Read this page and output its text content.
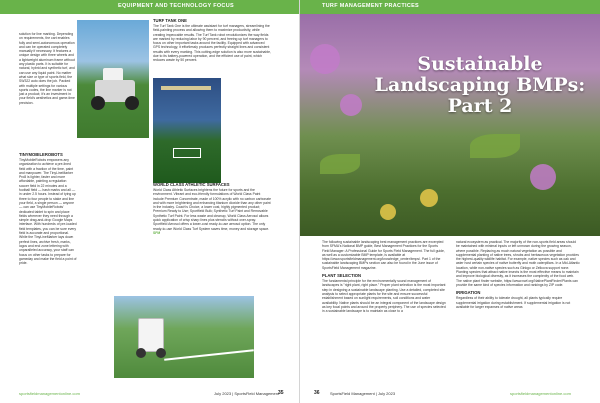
EQUIPMENT AND TECHNOLOGY FOCUS

solution for line marking. Depending on requirements, the cart enables fully and semi-autonomous operation and can be operated completely manually if necessary. It features a unique design with three wheels and a lightweight aluminum frame without any plastic parts. It is suitable for natural, hybrid and synthetic turf, and can use any liquid paint. No matter what size or type of sports field, the SW322 auto does the job. Packed with multiple settings for various sports codes, the line marker is not just a product; it's an investment in your field's aesthetics and game-time precision.

TINYMOBILEROBOTS

TinyMobileRobots empowers any organization to achieve a pre-lined field with a fraction of the time, paint and manpower. The TinyLineMarker Pro8 is lighter, faster and more affordable, painting a regulation soccer field in 22 minutes and a football field — hash marks and all — in under 2.5 hours. Instead of tying up three to four people to stake and line your field, a single person — anyone — can use TinyMobileRobots' dedicated tablet to spin and place fields wherever they need through a simple drag-and-drop Google Maps interface. With hundreds of pre-loaded field templates, you can be sure every field is accurate and proportional. While the TinyLineMarker lays down perfect lines, archive fresh, marks, logos and end zone lettering with unparalleled accuracy, your staff can focus on other tasks to prepare for gameday and make the field a point of pride.

TURF TANK ONE

The Turf Tank One is the ultimate assistant for turf managers, streamlining the field-painting process and allowing them to maximize productivity, while creating impeccable results. The Turf Tank robot revolutionizes the way fields are marked by reducing labor by 90 percent, and freeing up turf managers to focus on other important tasks around the facility. Equipped with advanced GPS technology, it effortlessly produces perfectly straight lines and consistent results with every marking. This cutting-edge solution is also more sustainable, due to its battery-powered operation, and the efficient use of paint, which reduces waste by 50 percent.

WORLD CLASS ATHLETIC SURFACES

World Class Athletic Surfaces brightens the future for sports and the environment. Vibrant and eco-friendly formulations of World Class Paint include Premium Concentrate, made of 100% acrylic with no carbon carbonate and with more brightening and enhancing titanium dioxide than any other paint in the industry. Coach's Choice, a lower cost, highly pigmented product; Premium Ready to Use; Sportfield Bulk; Synthetic Turf Paint and Removable Synthetic Turf Paint. For less waste and cleanup, World Class Aerosol allows quick application of crisp sharp lines plus stencils without over-spray. Sportfield Aerosol offers a lower-cost ready-to-use aerosol option. The only ready-to-use World Class Turf System saves time, money and storage space. SFM

sportsfieldmanagementonline.com	July 2023 | SportsField Management
35
Sustainable Landscaping BMPs: Part 2
TURF MANAGEMENT PRACTICES

The following sustainable landscaping best management practices are excerpted from SFMA's National BMP guide, Best Management Practices for the Sports Field Manager: A Professional Guide for Sports Field Management. The full guide, as well as a customizable BMP template, is available at https://www.sportsfieldmanagement.org/knowledge_center/bmps/. Part 1 of the sustainable landscaping BMPs section can also be found in the June issue of SportsField Management magazine.

PLANT SELECTION

The fundamental principle for the environmentally sound management of landscapes is "right plant, right place." Proper plant selection is the most important step in designing a sustainable landscape planting. Use a detailed, completed site analysis to select appropriate plants for the site and ensure successful establishment based on sunlight requirements, soil conditions and water availability. Native plants should be an integral component of the landscape design as key focal points and around the property periphery. The use of species selected in a sustainable landscape is to maintain as close to a

natural ecosystem as practical. The majority of the non-sports field areas should be maintained with minimal inputs or left unmown during the growing season, where possible. Replacing as much natural vegetation as possible and supplemental planting of native trees, shrubs and herbaceous vegetation provides the highest-quality wildlife habitat. For example, native species such as oak and aster host certain species of native butterfly and moth caterpillars. In a Mid-Atlantic location, while non-native species such as Ginkgo or Zelkova support none. Planting species that attract native insects is the most effective means to maintain and improve biological diversity, as it increases the complexity of the food web. The native plant finder website, https://www.nwf.org/NativePlantFinder/Plants can provide the same kind of species information and rankings by ZIP code.

IRRIGATION

Regardless of their ability to tolerate drought, all plants typically require supplemental irrigation during establishment. If supplemental irrigation is not available for larger expanses of native areas

36	SportsField Management | July 2023	sportsfieldmanagementonline.com
